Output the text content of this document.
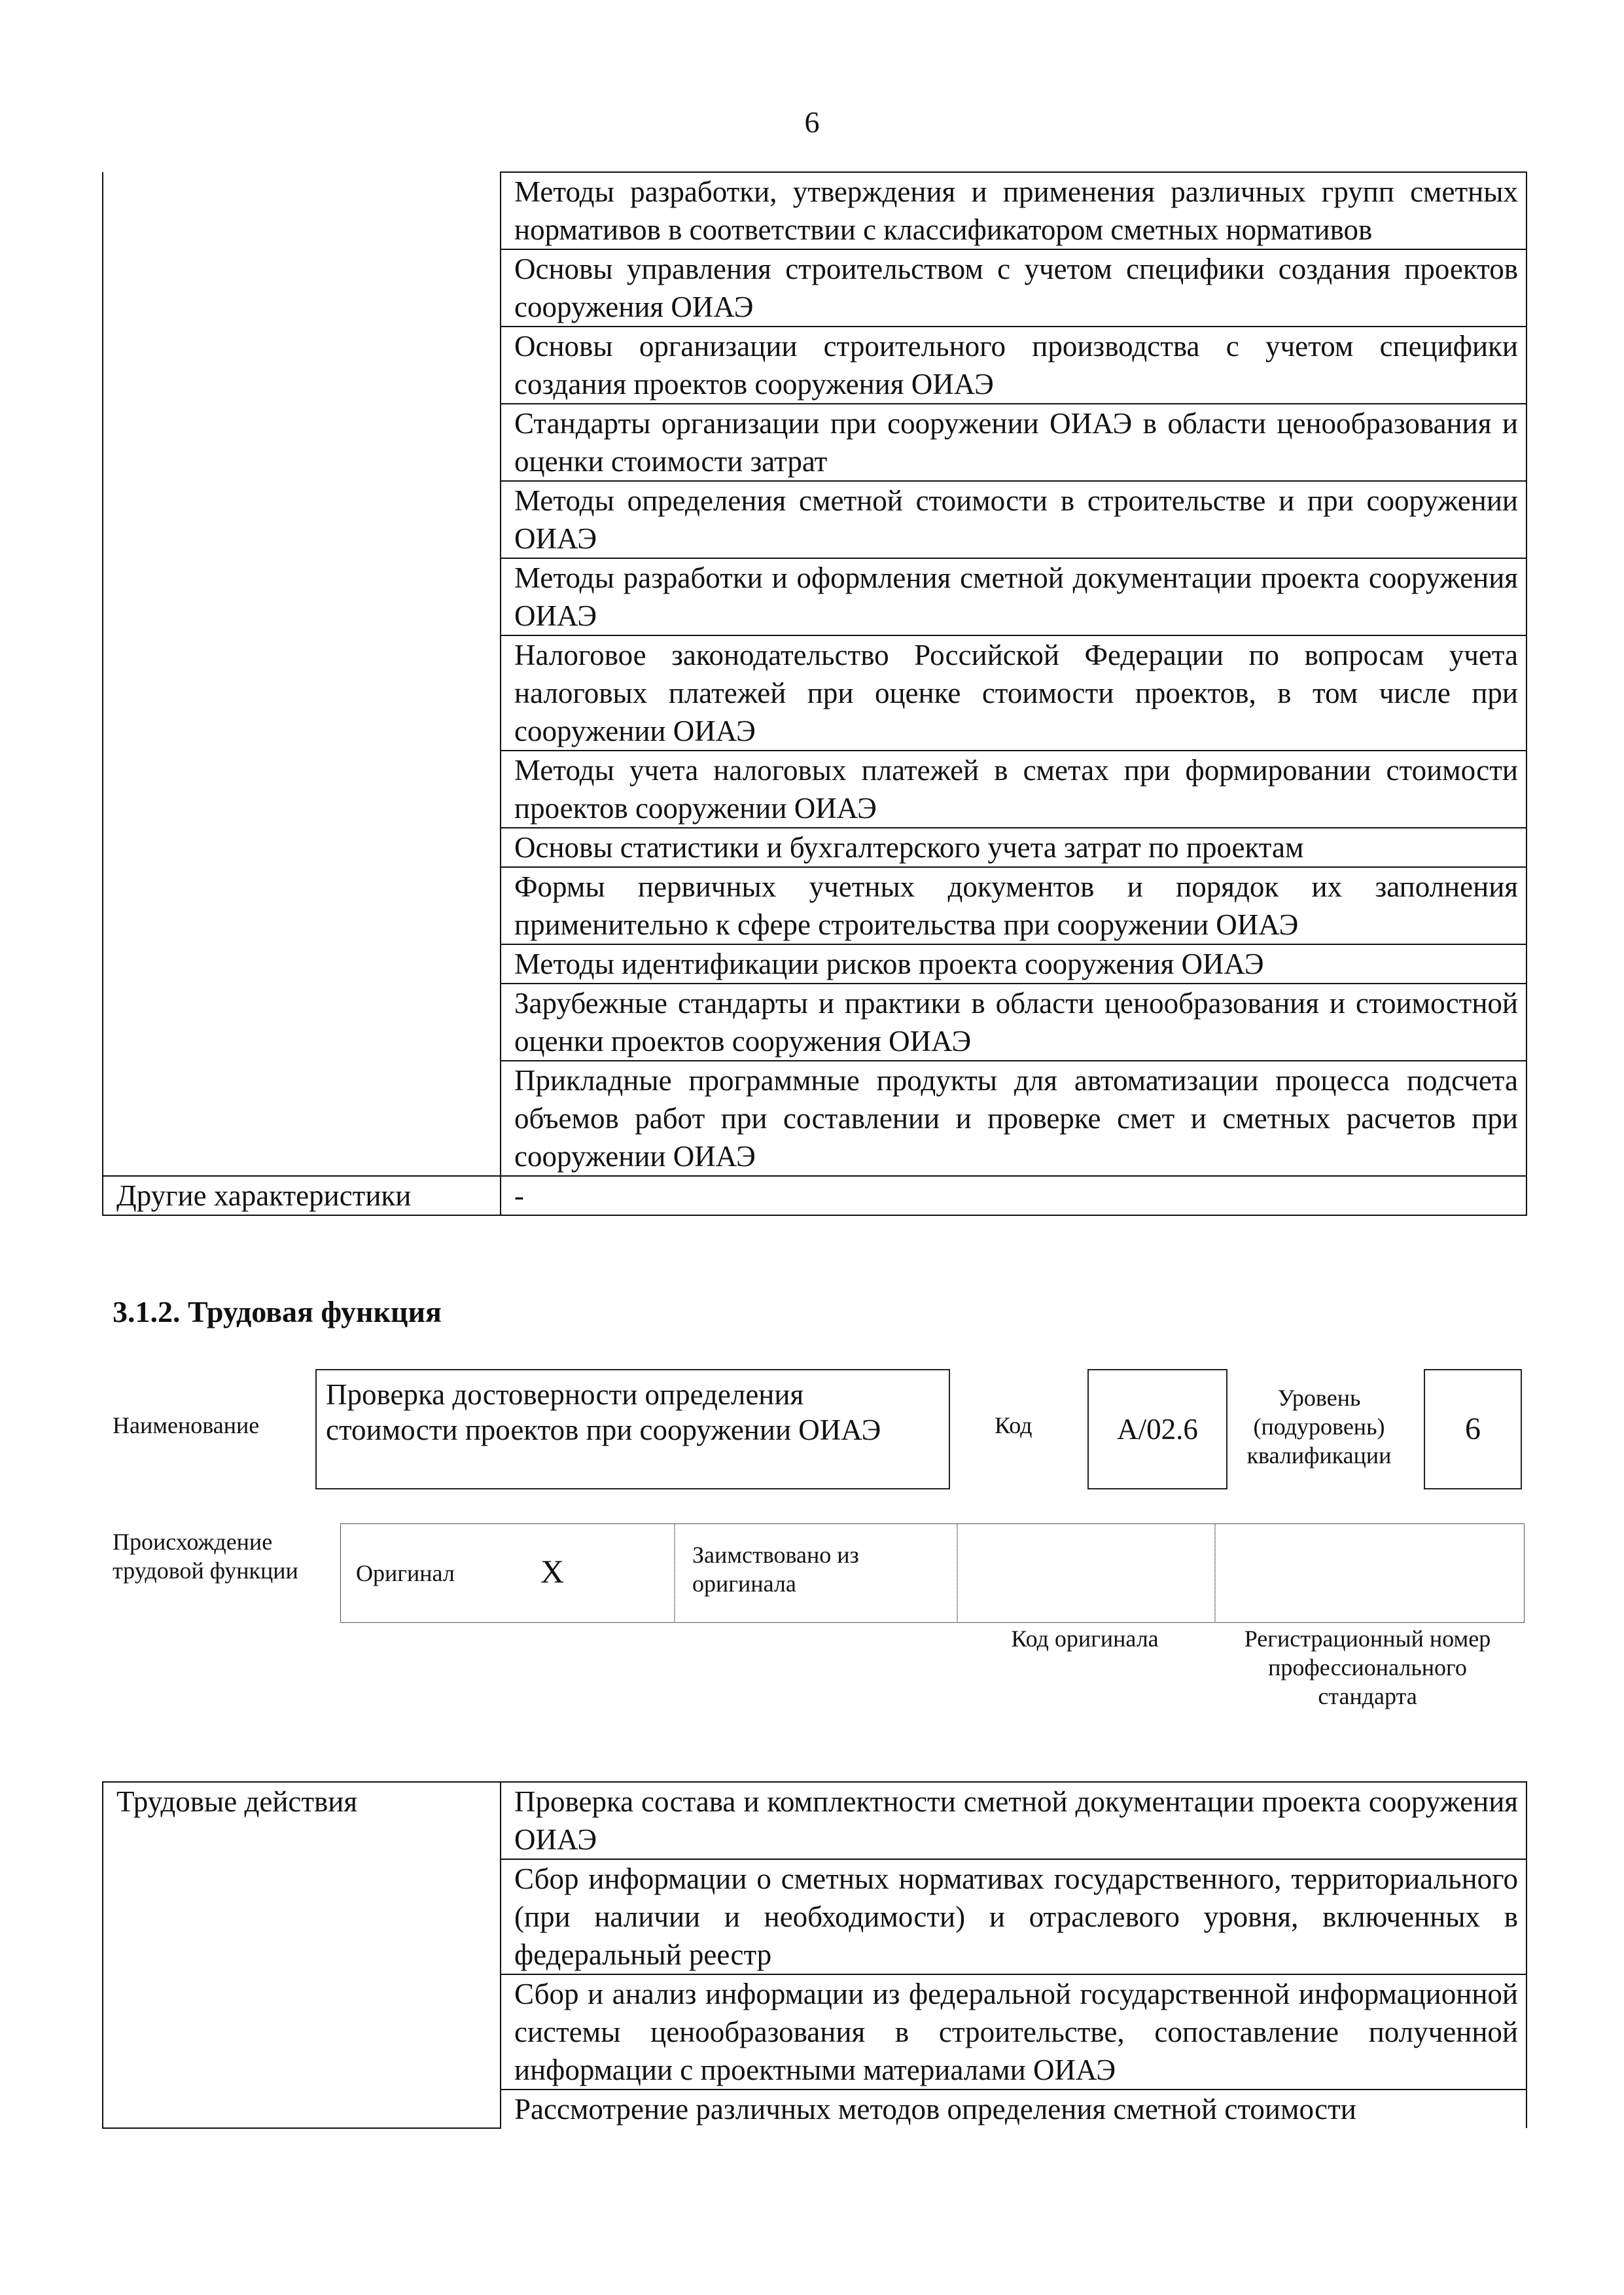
6
	Методы разработки, утверждения и применения различных групп сметных нормативов в соответствии с классификатором сметных нормативов
	Основы управления строительством с учетом специфики создания проектов сооружения ОИАЭ
	Основы организации строительного производства с учетом специфики создания проектов сооружения ОИАЭ
	Стандарты организации при сооружении ОИАЭ в области ценообразования и оценки стоимости затрат
	Методы определения сметной стоимости в строительстве и при сооружении ОИАЭ
	Методы разработки и оформления сметной документации проекта сооружения ОИАЭ
	Налоговое законодательство Российской Федерации по вопросам учета налоговых платежей при оценке стоимости проектов, в том числе при сооружении ОИАЭ
	Методы учета налоговых платежей в сметах при формировании стоимости проектов сооружении ОИАЭ
	Основы статистики и бухгалтерского учета затрат по проектам
	Формы первичных учетных документов и порядок их заполнения применительно к сфере строительства при сооружении ОИАЭ
	Методы идентификации рисков проекта сооружения ОИАЭ
	Зарубежные стандарты и практики в области ценообразования и стоимостной оценки проектов сооружения ОИАЭ
	Прикладные программные продукты для автоматизации процесса подсчета объемов работ при составлении и проверке смет и сметных расчетов при сооружении ОИАЭ
Другие характеристики	-
3.1.2. Трудовая функция
Наименование
Проверка достоверности определения стоимости проектов при сооружении ОИАЭ	Код	A/02.6
Уровень (подуровень) квалификации
6
Происхождение трудовой функции	Оригинал	X	Заимствовано из оригинала
Код оригинала	Регистрационный номер профессионального стандарта
Трудовые действия	Проверка состава и комплектности сметной документации проекта сооружения ОИАЭ
Сбор информации о сметных нормативах государственного, территориального (при наличии и необходимости) и отраслевого уровня, включенных в федеральный реестр
Сбор и анализ информации из федеральной государственной информационной системы ценообразования в строительстве, сопоставление полученной информации с проектными материалами ОИАЭ
Рассмотрение различных методов определения сметной стоимости
